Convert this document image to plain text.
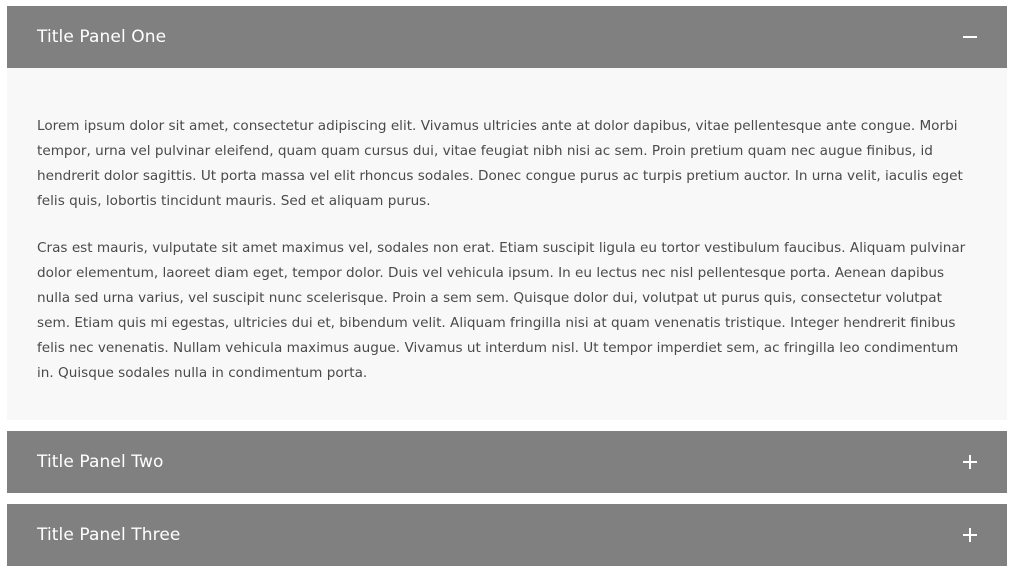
Title Panel One

Lorem ipsum dolor sit amet, consectetur adipiscing elit. Vivamus ultricies ante at dolor dapibus, vitae pellentesque ante congue. Morbi tempor, urna vel pulvinar eleifend, quam quam cursus dui, vitae feugiat nibh nisi ac sem. Proin pretium quam nec augue finibus, id hendrerit dolor sagittis. Ut porta massa vel elit rhoncus sodales. Donec congue purus ac turpis pretium auctor. In urna velit, iaculis eget felis quis, lobortis tincidunt mauris. Sed et aliquam purus.

Cras est mauris, vulputate sit amet maximus vel, sodales non erat. Etiam suscipit ligula eu tortor vestibulum faucibus. Aliquam pulvinar dolor elementum, laoreet diam eget, tempor dolor. Duis vel vehicula ipsum. In eu lectus nec nisl pellentesque porta. Aenean dapibus nulla sed urna varius, vel suscipit nunc scelerisque. Proin a sem sem. Quisque dolor dui, volutpat ut purus quis, consectetur volutpat sem. Etiam quis mi egestas, ultricies dui et, bibendum velit. Aliquam fringilla nisi at quam venenatis tristique. Integer hendrerit finibus felis nec venenatis. Nullam vehicula maximus augue. Vivamus ut interdum nisl. Ut tempor imperdiet sem, ac fringilla leo condimentum in. Quisque sodales nulla in condimentum porta.

Title Panel Two
Title Panel Three
